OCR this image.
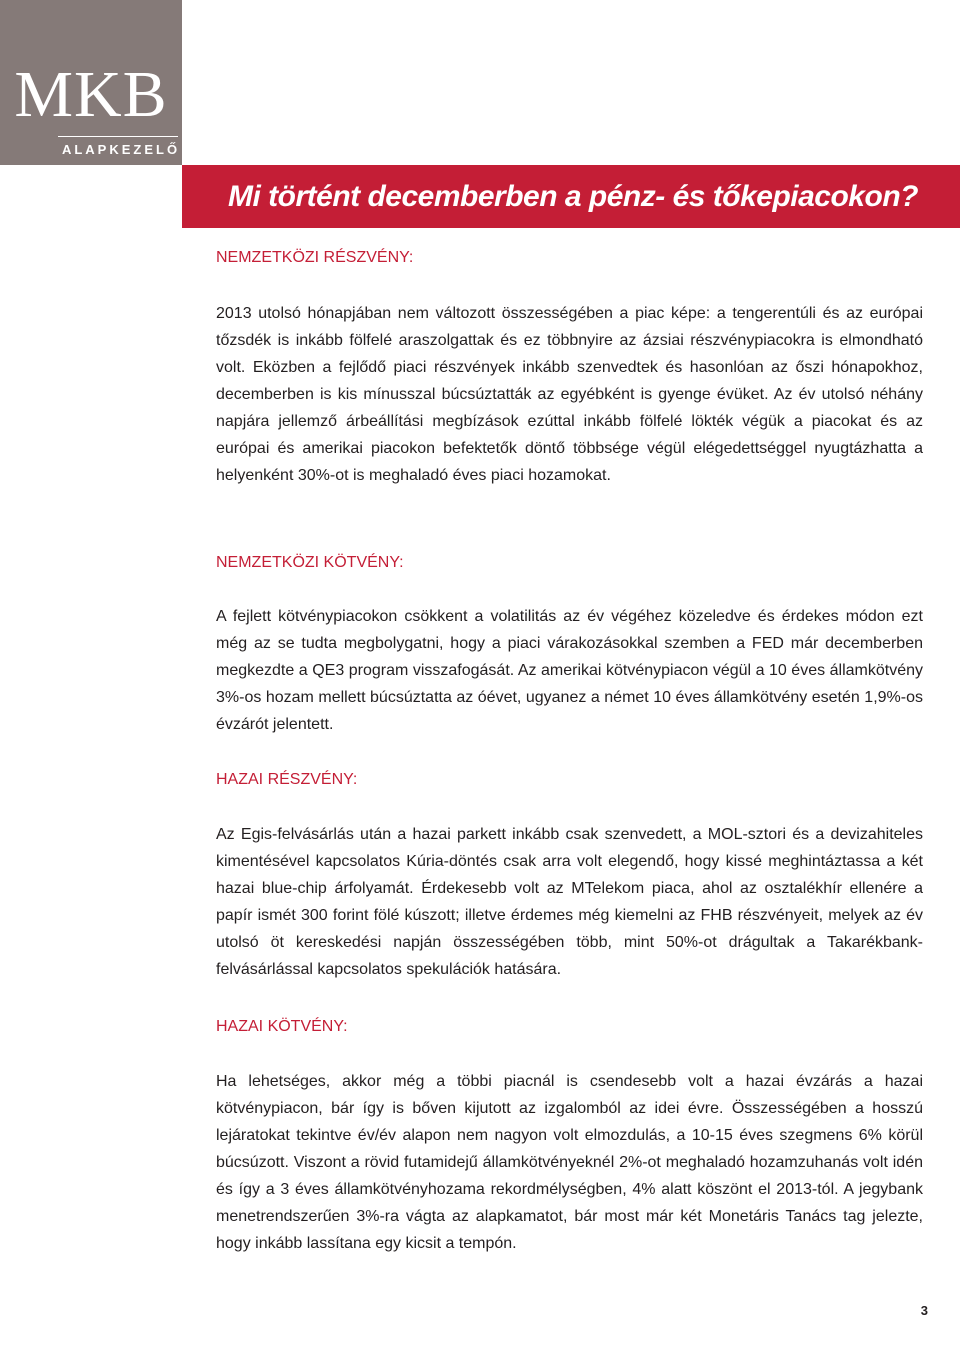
MKB
ALAPKEZELŐ
Mi történt decemberben a pénz- és tőkepiacokon?
NEMZETKÖZI RÉSZVÉNY:

2013 utolsó hónapjában nem változott összességében a piac képe: a tengerentúli és az európai tőzsdék is inkább fölfelé araszolgattak és ez többnyire az ázsiai részvénypiacokra is elmondható volt. Eközben a fejlődő piaci részvények inkább szenvedtek és hasonlóan az őszi hónapokhoz, decemberben is kis mínusszal búcsúztatták az egyébként is gyenge évüket. Az év utolsó néhány napjára jellemző árbeállítási megbízások ezúttal inkább fölfelé lökték végük a piacokat és az európai és amerikai piacokon befektetők döntő többsége végül elégedettséggel nyugtázhatta a helyenként 30%-ot is meghaladó éves piaci hozamokat.

NEMZETKÖZI KÖTVÉNY:

A fejlett kötvénypiacokon csökkent a volatilitás az év végéhez közeledve és érdekes módon ezt még az se tudta megbolygatni, hogy a piaci várakozásokkal szemben a FED már decemberben megkezdte a QE3 program visszafogását. Az amerikai kötvénypiacon végül a 10 éves államkötvény 3%-os hozam mellett búcsúztatta az óévet, ugyanez a német 10 éves államkötvény esetén 1,9%-os évzárót jelentett.

HAZAI RÉSZVÉNY:

Az Egis-felvásárlás után a hazai parkett inkább csak szenvedett, a MOL-sztori és a devizahiteles kimentésével kapcsolatos Kúria-döntés csak arra volt elegendő, hogy kissé meghintáztassa a két hazai blue-chip árfolyamát. Érdekesebb volt az MTelekom piaca, ahol az osztalékhír ellenére a papír ismét 300 forint fölé kúszott; illetve érdemes még kiemelni az FHB részvényeit, melyek az év utolsó öt kereskedési napján összességében több, mint 50%-ot drágultak a Takarékbank-felvásárlással kapcsolatos spekulációk hatására.

HAZAI KÖTVÉNY:

Ha lehetséges, akkor még a többi piacnál is csendesebb volt a hazai évzárás a hazai kötvénypiacon, bár így is bőven kijutott az izgalomból az idei évre. Összességében a hosszú lejáratokat tekintve év/év alapon nem nagyon volt elmozdulás, a 10-15 éves szegmens 6% körül búcsúzott. Viszont a rövid futamidejű államkötvényeknél 2%-ot meghaladó hozamzuhanás volt idén és így a 3 éves államkötvényhozama rekordmélységben, 4% alatt köszönt el 2013-tól. A jegybank menetrendszerűen 3%-ra vágta az alapkamatot, bár most már két Monetáris Tanács tag jelezte, hogy inkább lassítana egy kicsit a tempón.

3
